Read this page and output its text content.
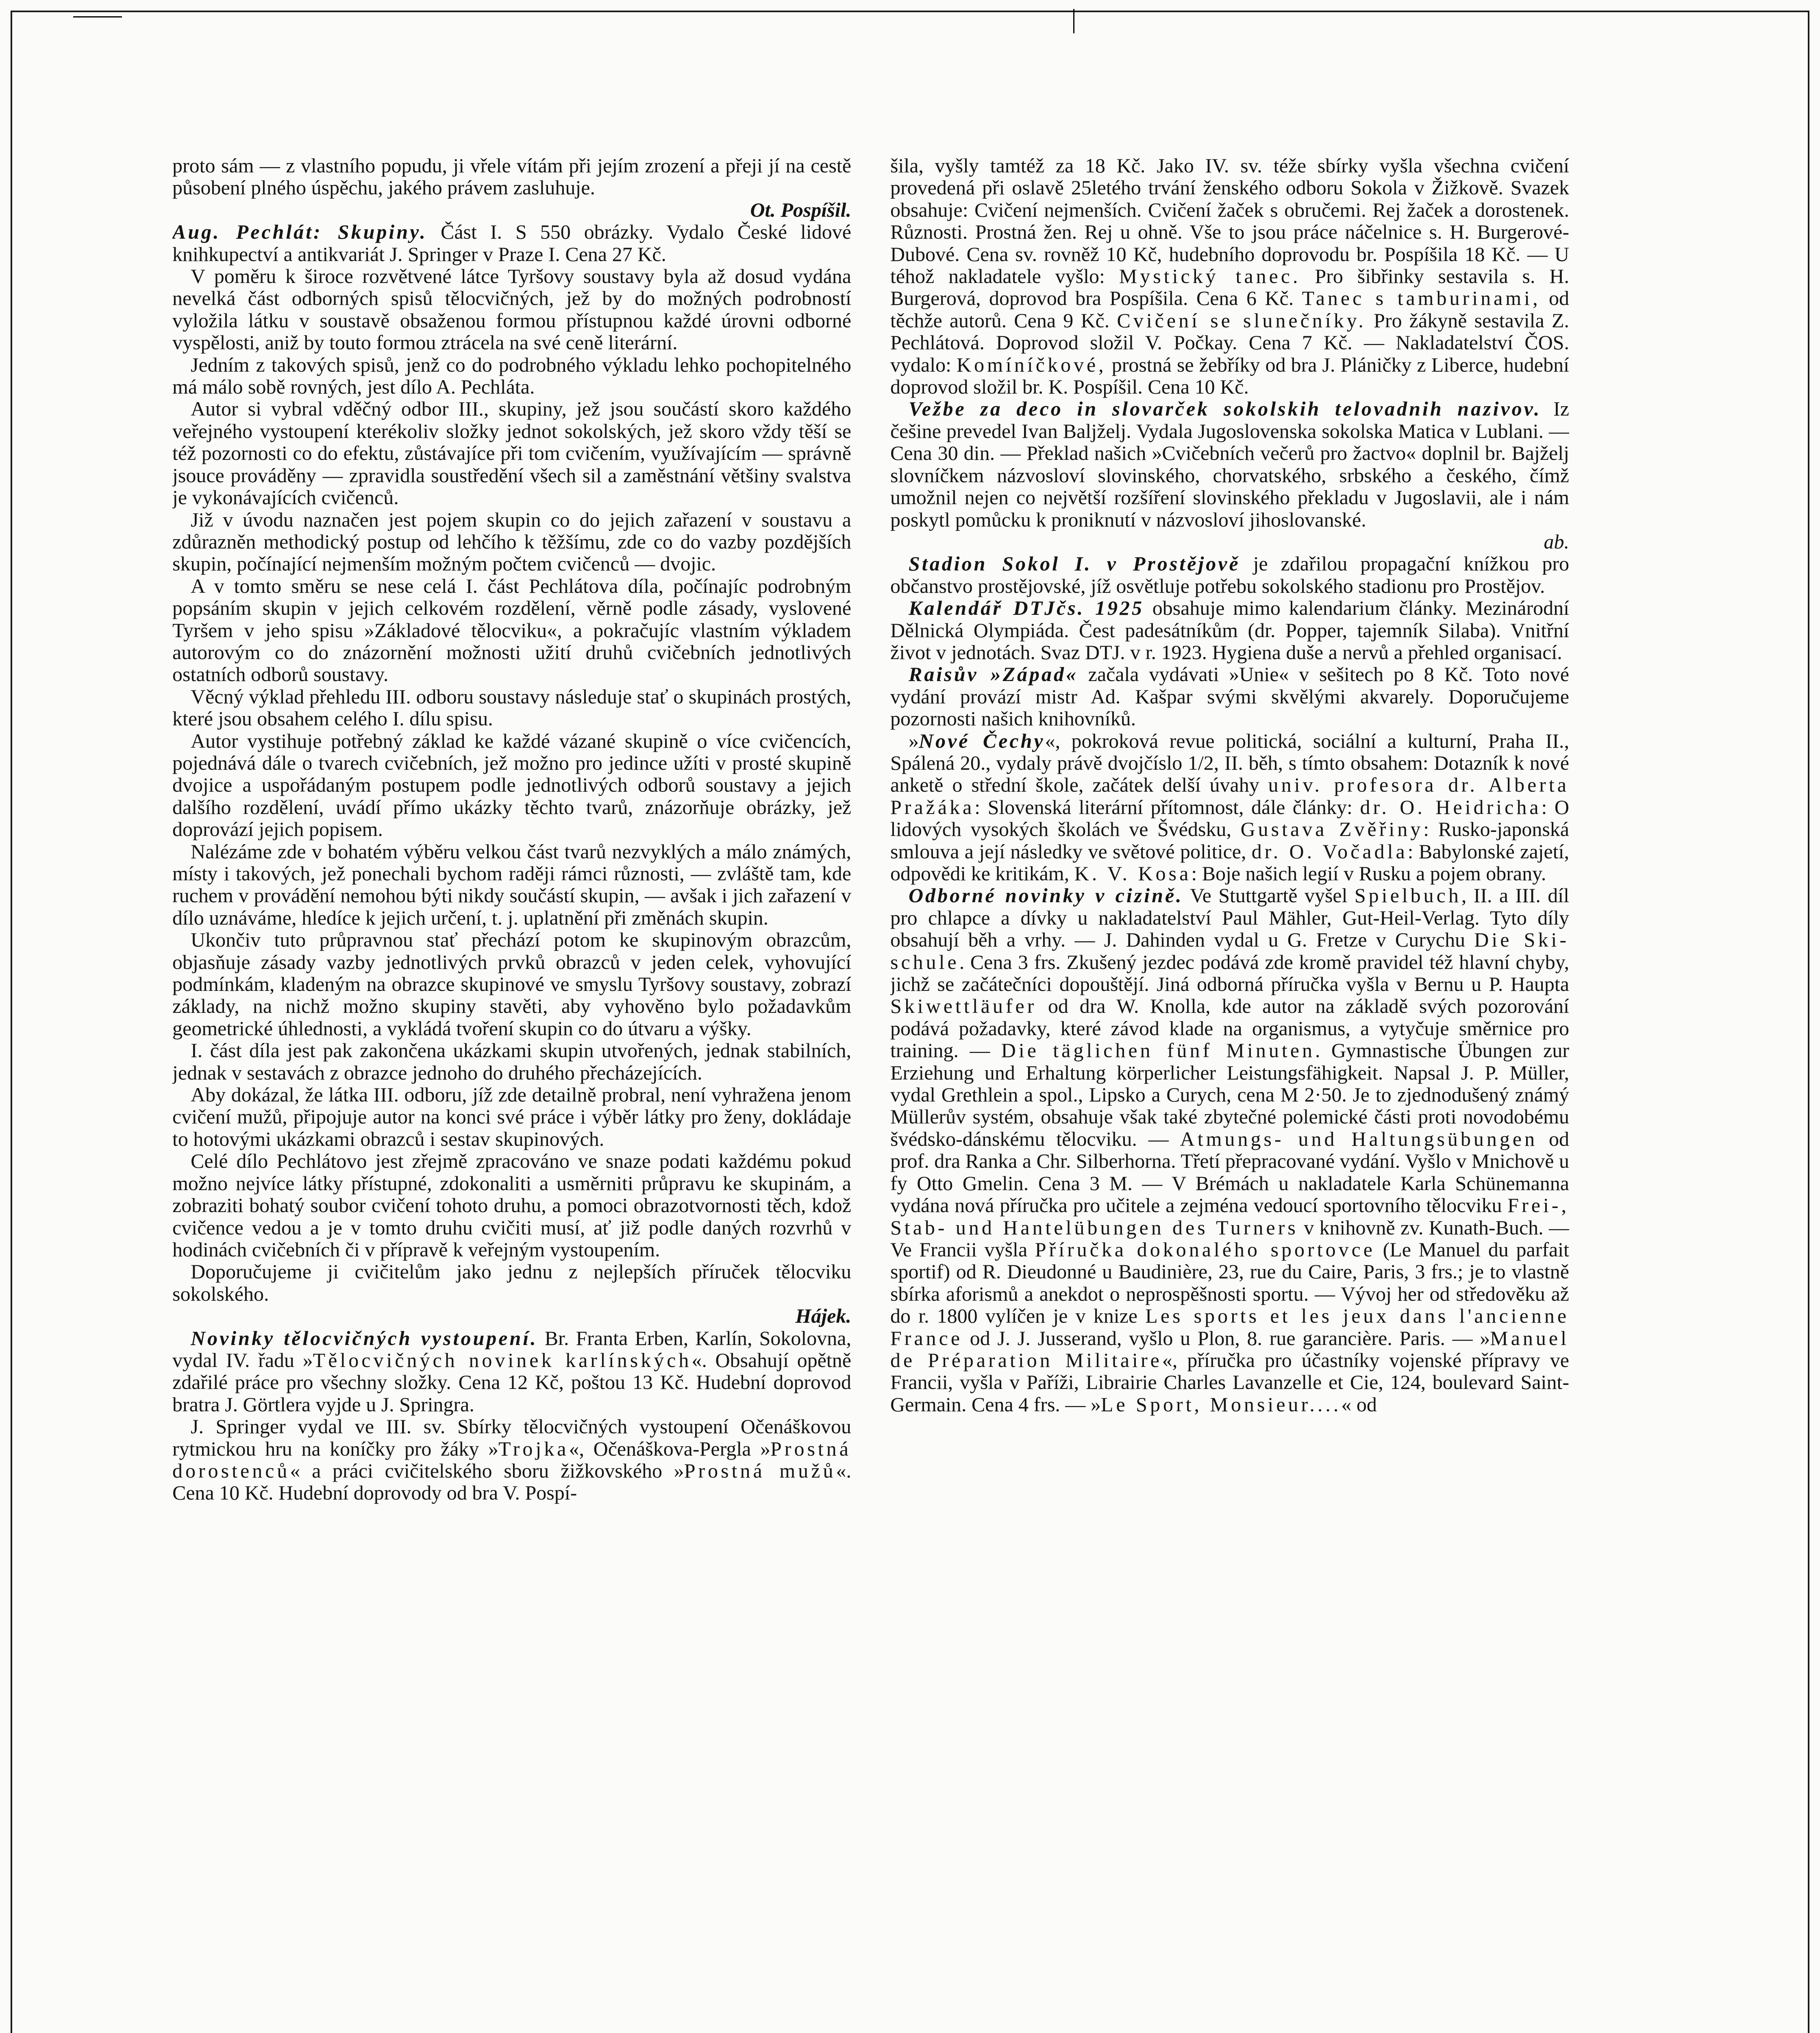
proto sám — z vlastního popudu, ji vřele vítám při jejím zrození a přeji jí na cestě působení plného úspěchu, jakého právem zasluhuje.
Ot. Pospíšil.

Aug. Pechlát: Skupiny. Část I. S 550 obrázky. Vydalo České lidové knihkupectví a antikvariát J. Springer v Praze I. Cena 27 Kč.

V poměru k široce rozvětvené látce Tyršovy soustavy byla až dosud vydána nevelká část odborných spisů tělocvičných, jež by do možných podrobností vyložila látku v soustavě obsaženou formou přístupnou každé úrovni odborné vyspělosti, aniž by touto formou ztrácela na své ceně literární.

Jedním z takových spisů, jenž co do podrobného výkladu lehko pochopitelného má málo sobě rovných, jest dílo A. Pechláta.

Autor si vybral vděčný odbor III., skupiny, jež jsou součástí skoro každého veřejného vystoupení kterékoliv složky jednot sokolských, jež skoro vždy těší se též pozornosti co do efektu, zůstávajíce při tom cvičením, využívajícím — správně jsouce prováděny — zpravidla soustředění všech sil a zaměstnání většiny svalstva je vykonávajících cvičenců.

Již v úvodu naznačen jest pojem skupin co do jejich zařazení v soustavu a zdůrazněn methodický postup od lehčího k těžšímu, zde co do vazby pozdějších skupin, počínající nejmenším možným počtem cvičenců — dvojic.

A v tomto směru se nese celá I. část Pechlátova díla, počínajíc podrobným popsáním skupin v jejich celkovém rozdělení, věrně podle zásady, vyslovené Tyršem v jeho spisu »Základové tělocviku«, a pokračujíc vlastním výkladem autorovým co do znázornění možnosti užití druhů cvičebních jednotlivých ostatních odborů soustavy.

Věcný výklad přehledu III. odboru soustavy následuje stať o skupinách prostých, které jsou obsahem celého I. dílu spisu.

Autor vystihuje potřebný základ ke každé vázané skupině o více cvičencích, pojednává dále o tvarech cvičebních, jež možno pro jedince užíti v prosté skupině dvojice a uspořádaným postupem podle jednotlivých odborů soustavy a jejich dalšího rozdělení, uvádí přímo ukázky těchto tvarů, znázorňuje obrázky, jež doprovází jejich popisem.

Nalézáme zde v bohatém výběru velkou část tvarů nezvyklých a málo známých, místy i takových, jež ponechali bychom raději rámci různosti, — zvláště tam, kde ruchem v provádění nemohou býti nikdy součástí skupin, — avšak i jich zařazení v dílo uznáváme, hledíce k jejich určení, t. j. uplatnění při změnách skupin.

Ukončiv tuto průpravnou stať přechází potom ke skupinovým obrazcům, objasňuje zásady vazby jednotlivých prvků obrazců v jeden celek, vyhovující podmínkám, kladeným na obrazce skupinové ve smyslu Tyršovy soustavy, zobrazí základy, na nichž možno skupiny stavěti, aby vyhověno bylo požadavkům geometrické úhlednosti, a vykládá tvoření skupin co do útvaru a výšky.

I. část díla jest pak zakončena ukázkami skupin utvořených, jednak stabilních, jednak v sestavách z obrazce jednoho do druhého přecházejících.

Aby dokázal, že látka III. odboru, jíž zde detailně probral, není vyhražena jenom cvičení mužů, připojuje autor na konci své práce i výběr látky pro ženy, dokládaje to hotovými ukázkami obrazců i sestav skupinových.

Celé dílo Pechlátovo jest zřejmě zpracováno ve snaze podati každému pokud možno nejvíce látky přístupné, zdokonaliti a usměrniti průpravu ke skupinám, a zobraziti bohatý soubor cvičení tohoto druhu, a pomoci obrazotvornosti těch, kdož cvičence vedou a je v tomto druhu cvičiti musí, ať již podle daných rozvrhů v hodinách cvičebních či v přípravě k veřejným vystoupením.

Doporučujeme ji cvičitelům jako jednu z nejlepších příruček tělocviku sokolského.
Hájek.

Novinky tělocvičných vystoupení. Br. Franta Erben, Karlín, Sokolovna, vydal IV. řadu »Tělocvičných novinek karlínských«. Obsahují opětně zdařilé práce pro všechny složky. Cena 12 Kč, poštou 13 Kč. Hudební doprovod bratra J. Görtlera vyjde u J. Springra.

J. Springer vydal ve III. sv. Sbírky tělocvičných vystoupení Očenáškovou rytmickou hru na koníčky pro žáky »Trojka«, Očenáškova-Pergla »Prostná dorostenců« a práci cvičitelského sboru žižkovského »Prostná mužů«. Cena 10 Kč. Hudební doprovody od bra V. Pospí-

šila, vyšly tamtéž za 18 Kč. Jako IV. sv. téže sbírky vyšla všechna cvičení provedená při oslavě 25letého trvání ženského odboru Sokola v Žižkově. Svazek obsahuje: Cvičení nejmenších. Cvičení žaček s obručemi. Rej žaček a dorostenek. Různosti. Prostná žen. Rej u ohně. Vše to jsou práce náčelnice s. H. Burgerové-Dubové. Cena sv. rovněž 10 Kč, hudebního doprovodu br. Pospíšila 18 Kč. — U téhož nakladatele vyšlo: Mystický tanec. Pro šibřinky sestavila s. H. Burgerová, doprovod bra Pospíšila. Cena 6 Kč. Tanec s tamburinami, od těchže autorů. Cena 9 Kč. Cvičení se slunečníky. Pro žákyně sestavila Z. Pechlátová. Doprovod složil V. Počkay. Cena 7 Kč. — Nakladatelství ČOS. vydalo: Komíníčkové, prostná se žebříky od bra J. Pláničky z Liberce, hudební doprovod složil br. K. Pospíšil. Cena 10 Kč.

Vežbe za deco in slovarček sokolskih telovadnih nazivov. Iz češine prevedel Ivan Baljželj. Vydala Jugoslovenska sokolska Matica v Lublani. — Cena 30 din. — Překlad našich »Cvičebních večerů pro žactvo« doplnil br. Bajželj slovníčkem názvosloví slovinského, chorvatského, srbského a českého, čímž umožnil nejen co největší rozšíření slovinského překladu v Jugoslavii, ale i nám poskytl pomůcku k proniknutí v názvosloví jihoslovanské.
ab.

Stadion Sokol I. v Prostějově je zdařilou propagační knížkou pro občanstvo prostějovské, jíž osvětluje potřebu sokolského stadionu pro Prostějov.

Kalendář DTJčs. 1925 obsahuje mimo kalendarium články. Mezinárodní Dělnická Olympiáda. Čest padesátníkům (dr. Popper, tajemník Silaba). Vnitřní život v jednotách. Svaz DTJ. v r. 1923. Hygiena duše a nervů a přehled organisací.

Raisův »Západ« začala vydávati »Unie« v sešitech po 8 Kč. Toto nové vydání provází mistr Ad. Kašpar svými skvělými akvarely. Doporučujeme pozornosti našich knihovníků.

»Nové Čechy«, pokroková revue politická, sociální a kulturní, Praha II., Spálená 20., vydaly právě dvojčíslo 1/2, II. běh, s tímto obsahem: Dotazník k nové anketě o střední škole, začátek delší úvahy univ. profesora dr. Alberta Pražáka: Slovenská literární přítomnost, dále články: dr. O. Heidricha: O lidových vysokých školách ve Švédsku, Gustava Zvěřiny: Rusko-japonská smlouva a její následky ve světové politice, dr. O. Vočadla: Babylonské zajetí, odpovědi ke kritikám, K. V. Kosa: Boje našich legií v Rusku a pojem obrany.

Odborné novinky v cizině. Ve Stuttgartě vyšel Spielbuch, II. a III. díl pro chlapce a dívky u nakladatelství Paul Mähler, Gut-Heil-Verlag. Tyto díly obsahují běh a vrhy. — J. Dahinden vydal u G. Fretze v Curychu Die Ski-schule. Cena 3 frs. Zkušený jezdec podává zde kromě pravidel též hlavní chyby, jichž se začátečníci dopouštějí. Jiná odborná příručka vyšla v Bernu u P. Haupta Skiwettläufer od dra W. Knolla, kde autor na základě svých pozorování podává požadavky, které závod klade na organismus, a vytyčuje směrnice pro training. — Die täglichen fünf Minuten. Gymnastische Übungen zur Erziehung und Erhaltung körperlicher Leistungsfähigkeit. Napsal J. P. Müller, vydal Grethlein a spol., Lipsko a Curych, cena M 2·50. Je to zjednodušený známý Müllerův systém, obsahuje však také zbytečné polemické části proti novodobému švédsko-dánskému tělocviku. — Atmungs- und Haltungsübungen od prof. dra Ranka a Chr. Silberhorna. Třetí přepracované vydání. Vyšlo v Mnichově u fy Otto Gmelin. Cena 3 M. — V Brémách u nakladatele Karla Schünemanna vydána nová příručka pro učitele a zejména vedoucí sportovního tělocviku Frei-, Stab- und Hantelübungen des Turners v knihovně zv. Kunath-Buch. — Ve Francii vyšla Příručka dokonalého sportovce (Le Manuel du parfait sportif) od R. Dieudonné u Baudinière, 23, rue du Caire, Paris, 3 frs.; je to vlastně sbírka aforismů a anekdot o neprospěšnosti sportu. — Vývoj her od středověku až do r. 1800 vylíčen je v knize Les sports et les jeux dans l'ancienne France od J. J. Jusserand, vyšlo u Plon, 8. rue garancière. Paris. — »Manuel de Préparation Militaire«, příručka pro účastníky vojenské přípravy ve Francii, vyšla v Paříži, Librairie Charles Lavanzelle et Cie, 124, boulevard Saint-Germain. Cena 4 frs. — »Le Sport, Monsieur....« od
